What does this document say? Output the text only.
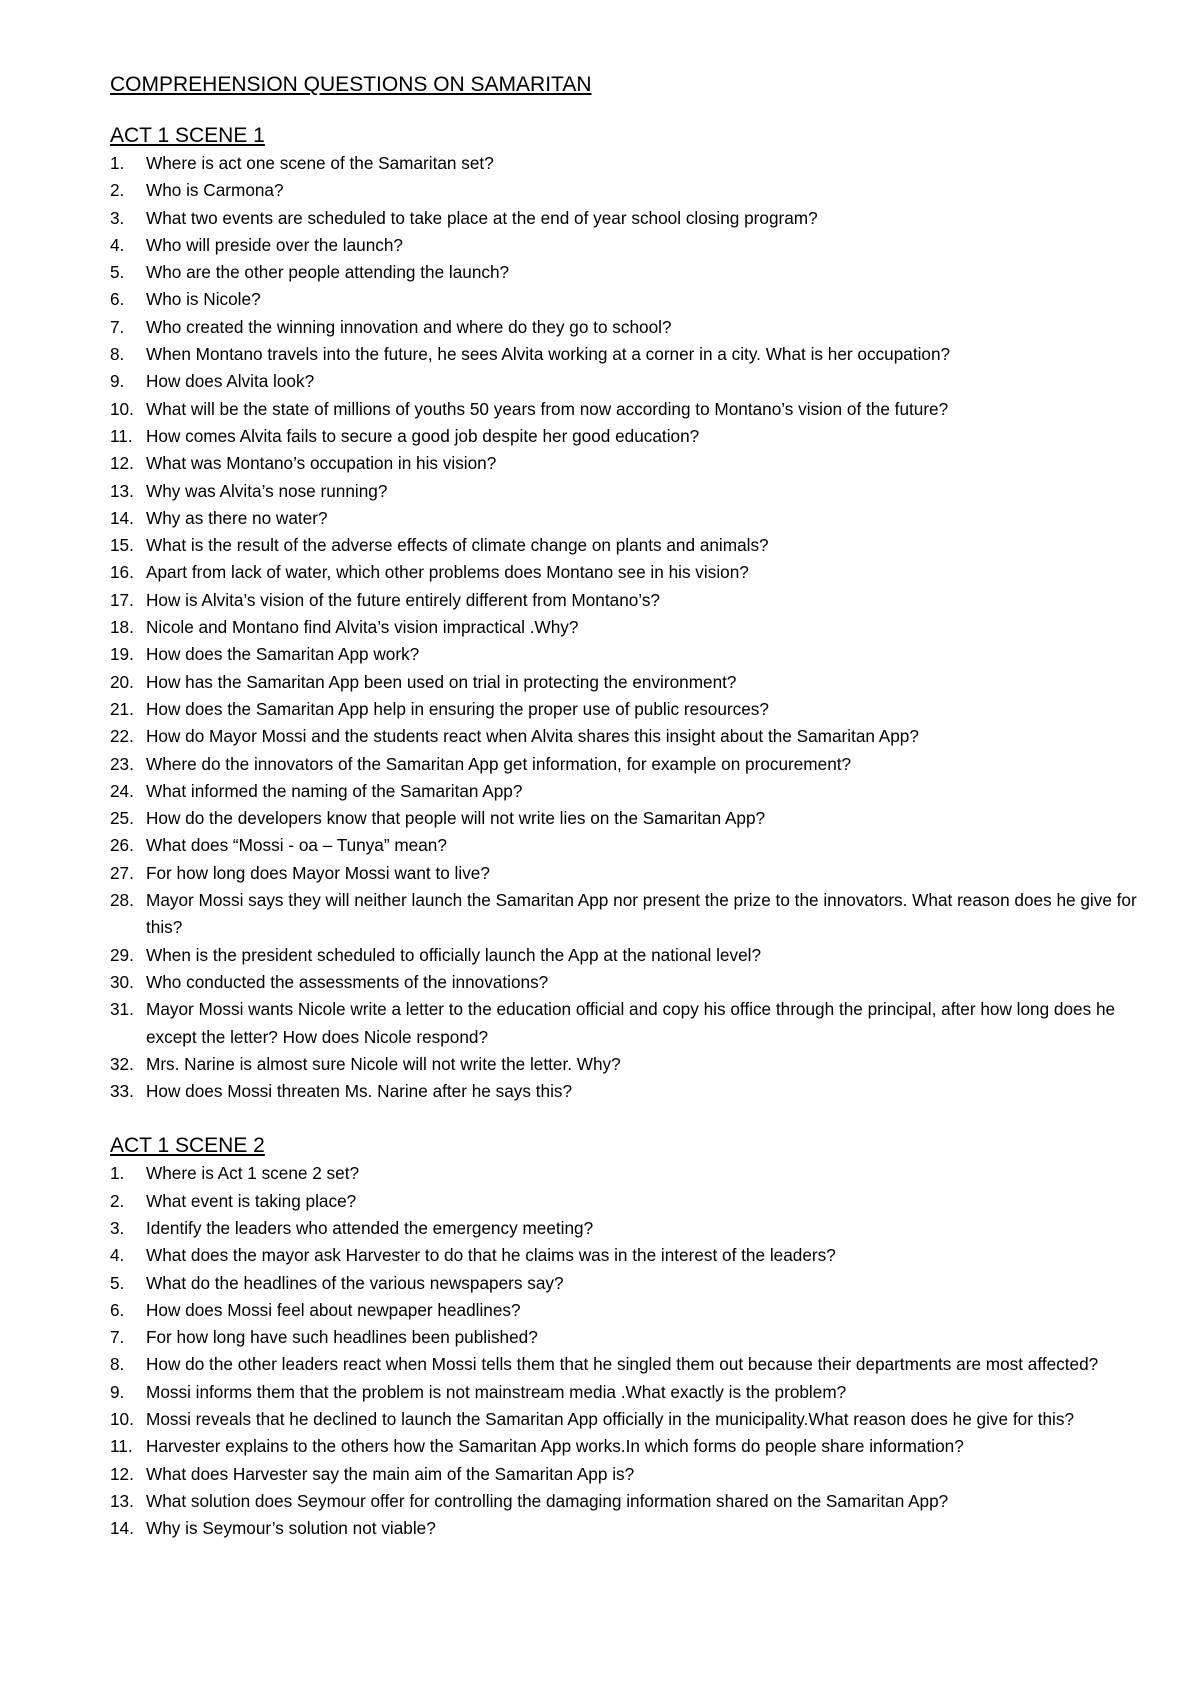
COMPREHENSION QUESTIONS ON SAMARITAN
ACT 1 SCENE 1
1.	Where is act one scene of the Samaritan set?
2.	Who is Carmona?
3.	What two events are scheduled to take place at the end of year school closing program?
4.	Who will preside over the launch?
5.	Who are the other people attending the launch?
6.	Who is Nicole?
7.	Who created the winning innovation and where do they go to school?
8.	When Montano travels into the future, he sees Alvita working at a corner in a city. What is her occupation?
9.	How does Alvita look?
10. What will be the state of millions of youths 50 years from now according to Montano’s vision of the future?
11. How comes Alvita fails to secure a good job despite her good education?
12. What was Montano’s occupation in his vision?
13. Why was Alvita’s nose running?
14. Why as there no water?
15. What is the result of the adverse effects of climate change on plants and animals?
16. Apart from lack of water, which other problems does Montano see in his vision?
17. How is Alvita’s vision of the future entirely different from Montano’s?
18. Nicole and Montano find Alvita’s vision impractical .Why?
19. How does the Samaritan App work?
20. How has the Samaritan App been used on trial in protecting the environment?
21. How does the Samaritan App help in ensuring the proper use of public resources?
22. How do Mayor Mossi and the students react when Alvita shares this insight about the Samaritan App?
23. Where do the innovators of the Samaritan App get information, for example on procurement?
24. What informed the naming of the Samaritan App?
25. How do the developers know that people will not write lies on the Samaritan App?
26. What does “Mossi - oa – Tunya” mean?
27. For how long does Mayor Mossi want to live?
28. Mayor Mossi says they will neither launch the Samaritan App nor present the prize to the innovators. What reason does he give for this?
29. When is the president scheduled to officially launch the App at the national level?
30. Who conducted the assessments of the innovations?
31. Mayor Mossi wants Nicole write a letter to the education official and copy his office through the principal, after how long does he except the letter? How does Nicole respond?
32. Mrs. Narine is almost sure Nicole will not write the letter. Why?
33. How does Mossi threaten Ms. Narine after he says this?
ACT 1 SCENE 2
1.	Where is Act 1 scene 2 set?
2.	What event is taking place?
3.	Identify the leaders who attended the emergency meeting?
4.	What does the mayor ask Harvester to do that he claims was in the interest of the leaders?
5.	What do the headlines of the various newspapers say?
6.	How does Mossi feel about newpaper headlines?
7.	For how long have such headlines been published?
8.	How do the other leaders react when Mossi tells them that he singled them out because their departments are most affected?
9.	Mossi informs them that the problem is not mainstream media .What exactly is the problem?
10. Mossi reveals that he declined to launch the Samaritan App officially in the municipality.What reason does he give for this?
11. Harvester explains to the others how the Samaritan App works.In which forms do people share information?
12. What does Harvester say the main aim of the Samaritan App is?
13. What solution does Seymour offer for controlling the damaging information shared on the Samaritan App?
14. Why is Seymour’s solution not viable?
